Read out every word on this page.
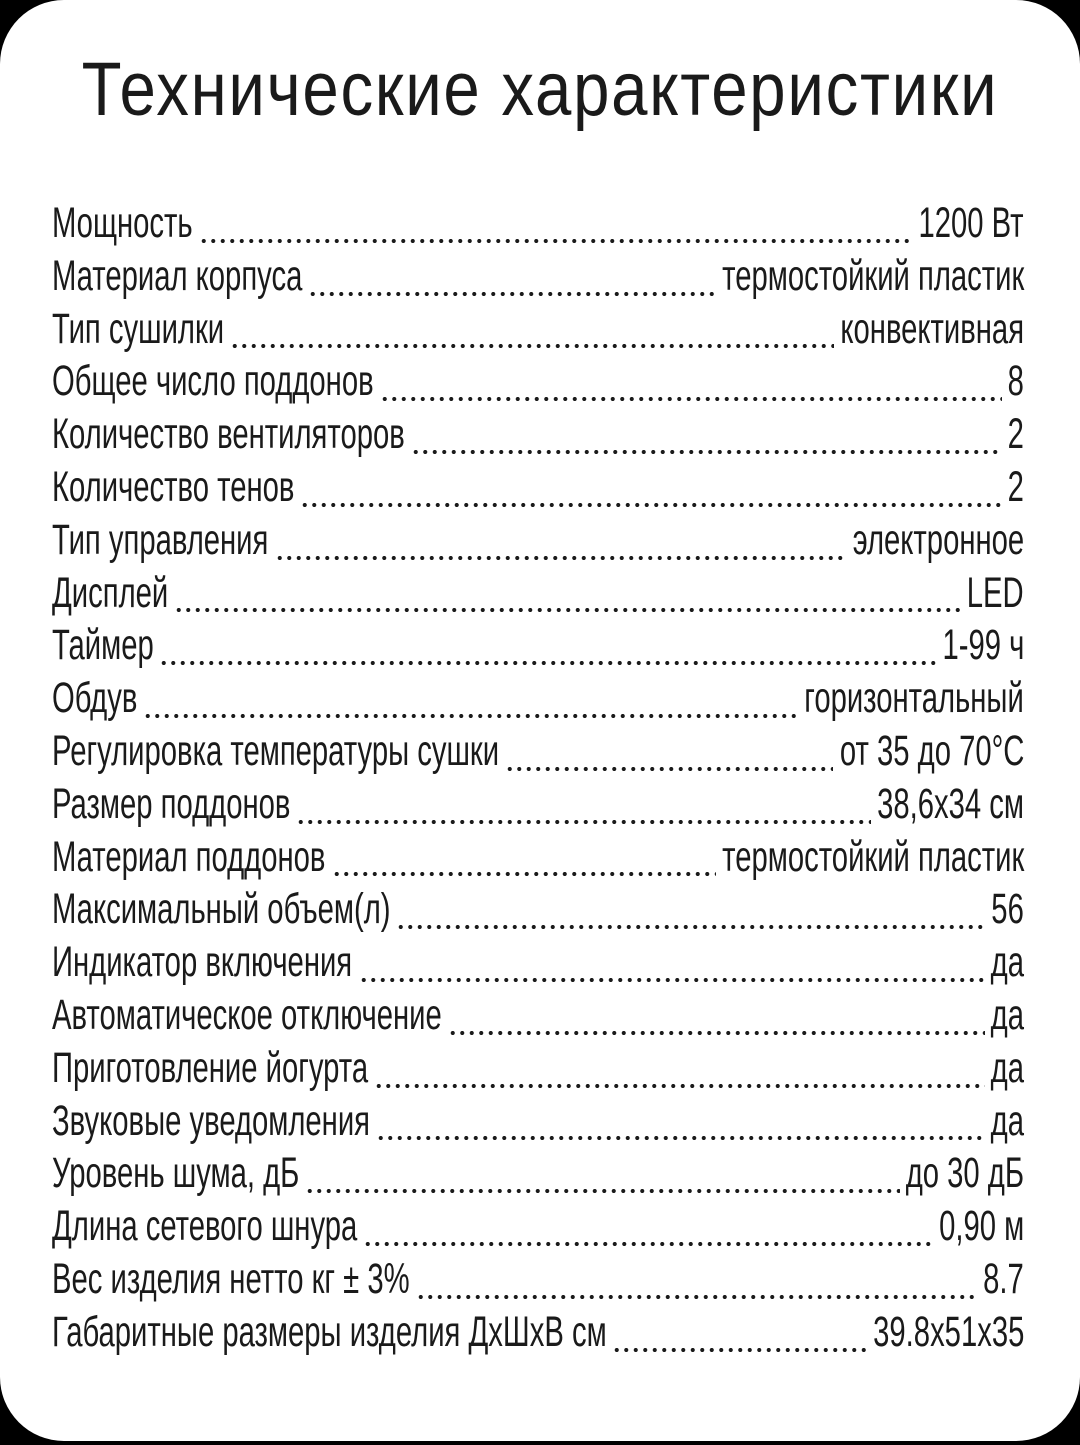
Технические характеристики
Мощность	1200 Вт
Материал корпуса	термостойкий пластик
Тип сушилки	конвективная
Общее число поддонов	8
Количество вентиляторов	2
Количество тенов	2
Тип управления	электронное
Дисплей	LED
Таймер	1-99 ч
Обдув	горизонтальный
Регулировка температуры сушки	от 35 до 70°C
Размер поддонов	38,6x34 см
Материал поддонов	термостойкий пластик
Максимальный объем(л)	56
Индикатор включения	да
Автоматическое отключение	да
Приготовление йогурта	да
Звуковые уведомления	да
Уровень шума, дБ	до 30 дБ
Длина сетевого шнура	0,90 м
Вес изделия нетто кг ± 3%	8.7
Габаритные размеры изделия ДхШхВ см	39.8x51x35
